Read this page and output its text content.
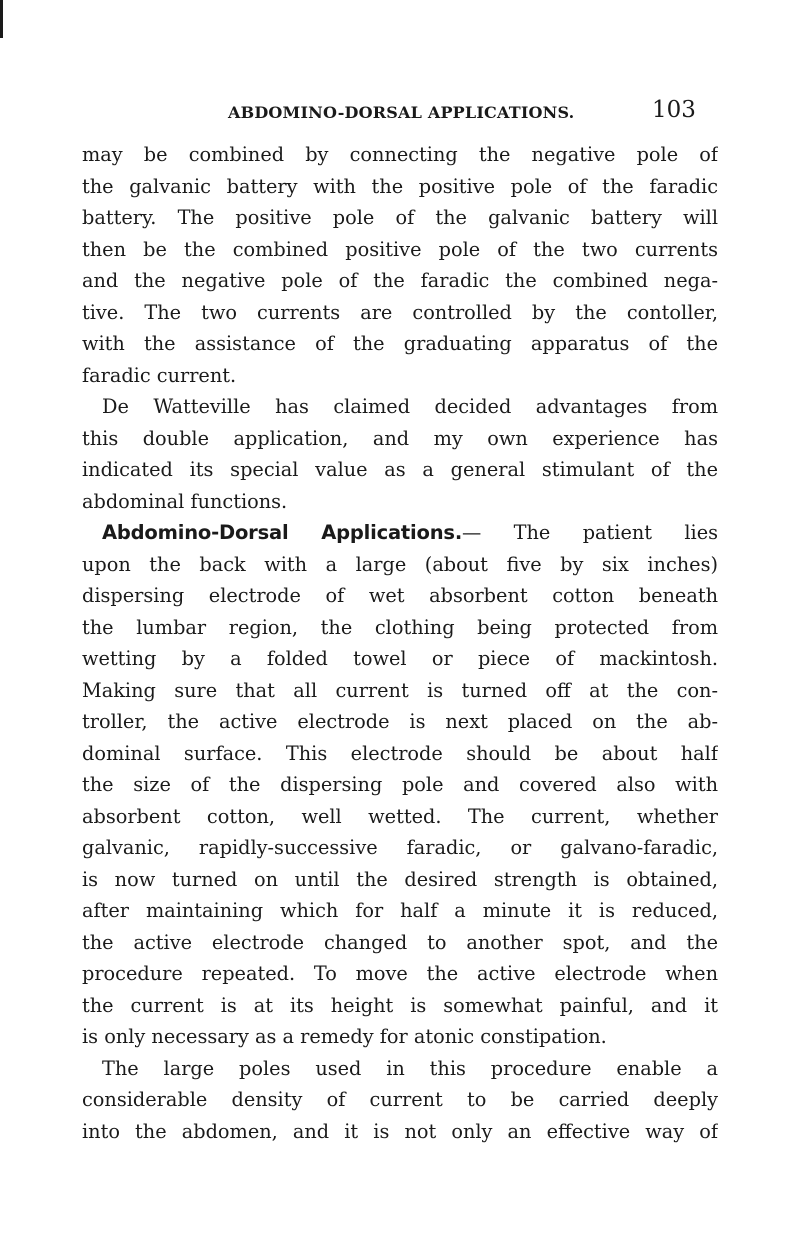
ABDOMINO-DORSAL APPLICATIONS.	103
may be combined by connecting the negative pole of
the galvanic battery with the positive pole of the faradic
battery. The positive pole of the galvanic battery will
then be the combined positive pole of the two currents
and the negative pole of the faradic the combined nega-
tive. The two currents are controlled by the contoller,
with the assistance of the graduating apparatus of the
faradic current.
De Watteville has claimed decided advantages from
this double application, and my own experience has
indicated its special value as a general stimulant of the
abdominal functions.
Abdomino-Dorsal Applications.— The patient lies
upon the back with a large (about five by six inches)
dispersing electrode of wet absorbent cotton beneath
the lumbar region, the clothing being protected from
wetting by a folded towel or piece of mackintosh.
Making sure that all current is turned off at the con-
troller, the active electrode is next placed on the ab-
dominal surface. This electrode should be about half
the size of the dispersing pole and covered also with
absorbent cotton, well wetted. The current, whether
galvanic, rapidly-successive faradic, or galvano-faradic,
is now turned on until the desired strength is obtained,
after maintaining which for half a minute it is reduced,
the active electrode changed to another spot, and the
procedure repeated. To move the active electrode when
the current is at its height is somewhat painful, and it
is only necessary as a remedy for atonic constipation.
The large poles used in this procedure enable a
considerable density of current to be carried deeply
into the abdomen, and it is not only an effective way of
